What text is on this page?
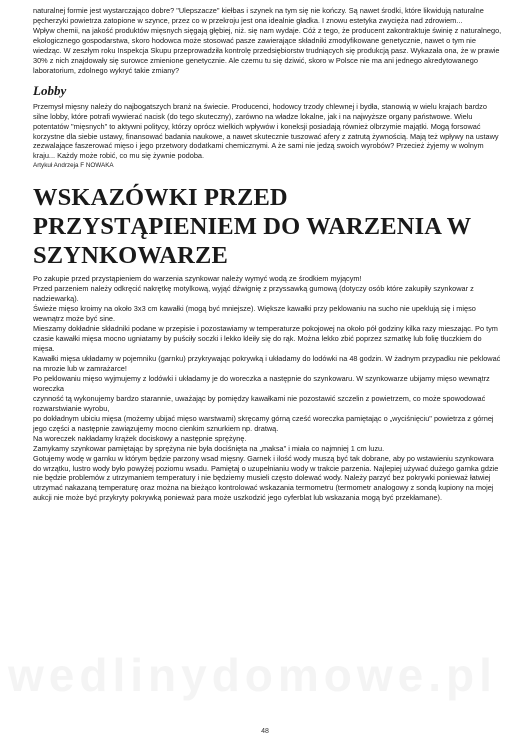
naturalnej formie jest wystarczająco dobre? "Ulepszacze" kiełbas i szynek na tym się nie kończy. Są nawet środki, które likwidują naturalne pęcherzyki powietrza zatopione w szynce, przez co w przekroju jest ona idealnie gładka. I znowu estetyka zwycięża nad zdrowiem...

Wpływ chemii, na jakość produktów mięsnych sięgają głębiej, niż. się nam wydaje. Cóż z tego, że producent zakontraktuje świnię z naturalnego, ekologicznego gospodarstwa, skoro hodowca może stosować pasze zawierające składniki zmodyfikowane genetycznie, nawet o tym nie wiedząc. W zeszłym roku Inspekcja Skupu przeprowadziła kontrolę przedsiębiorstw trudniących się produkcją pasz. Wykazała ona, że w prawie 30% z nich znajdowały się surowce zmienione genetycznie. Ale czemu tu się dziwić, skoro w Polsce nie ma ani jednego akredytowanego laboratorium, zdolnego wykryć takie zmiany?

Lobby

Przemysł mięsny należy do najbogatszych branż na świecie. Producenci, hodowcy trzody chlewnej i bydła, stanowią w wielu krajach bardzo silne lobby, które potrafi wywierać nacisk (do tego skuteczny), zarówno na władze lokalne, jak i na najwyższe organy państwowe. Wielu potentatów "mięsnych" to aktywni politycy, którzy oprócz wielkich wpływów i koneksji posiadają również olbrzymie majątki. Mogą forsować korzystne dla siebie ustawy, finansować badania naukowe, a nawet skutecznie tuszować afery z zatrutą żywnością. Mają też wpływy na ustawy zezwalające faszerować mięso i jego przetwory dodatkami chemicznymi. A że sami nie jedzą swoich wyrobów? Przecież żyjemy w wolnym kraju... Każdy może robić, co mu się żywnie podoba.

Artykuł Andrzeja F NOWAKA

WSKAZÓWKI PRZED PRZYSTĄPIENIEM DO WARZENIA W SZYNKOWARZE

Po zakupie przed przystąpieniem do warzenia szynkowar należy wymyć wodą ze środkiem myjącym!

Przed parzeniem należy odkręcić nakrętkę motylkową, wyjąć dźwignię z przyssawką gumową (dotyczy osób które zakupiły szynkowar z nadziewarką).

Świeże mięso kroimy na około 3x3 cm kawałki (mogą być mniejsze). Większe kawałki przy peklowaniu na sucho nie upeklują się i mięso wewnątrz może być sine.

Mieszamy dokładnie składniki podane w przepisie i pozostawiamy w temperaturze pokojowej na około pół godziny kilka razy mieszając. Po tym czasie kawałki mięsa mocno ugniatamy by puściły soczki i lekko kleiły się do rąk. Można lekko zbić poprzez szmatkę lub folię tłuczkiem do mięsa.

Kawałki mięsa układamy w pojemniku (garnku) przykrywając pokrywką i układamy do lodówki na 48 godzin. W żadnym przypadku nie peklować na mrozie lub w zamrażarce!

Po peklowaniu mięso wyjmujemy z lodówki i układamy je do woreczka a następnie do szynkowaru. W szynkowarze ubijamy mięso wewnątrz woreczka

czynność tą wykonujemy bardzo starannie, uważając by pomiędzy kawałkami nie pozostawić szczelin z powietrzem, co może spowodować rozwarstwianie wyrobu,

po dokładnym ubiciu mięsa (możemy ubijać mięso warstwami) skręcamy górną cześć woreczka pamiętając o „wyciśnięciu" powietrza z górnej jego części a następnie zawiązujemy mocno cienkim sznurkiem np. dratwą.

Na woreczek nakładamy krążek dociskowy a następnie sprężynę.

Zamykamy szynkowar pamiętając by sprężyna nie była dociśnięta na „maksa" i miała co najmniej 1 cm luzu.

Gotujemy wodę w garnku w którym będzie parzony wsad mięsny. Garnek i ilość wody muszą być tak dobrane, aby po wstawieniu szynkowara do wrzątku, lustro wody było powyżej poziomu wsadu. Pamiętaj o uzupełnianiu wody w trakcie parzenia. Najlepiej używać dużego garnka gdzie nie będzie problemów z utrzymaniem temperatury i nie będziemy musieli często dolewać wody. Należy parzyć bez pokrywki ponieważ łatwiej utrzymać nakazaną temperaturę oraz można na bieżąco kontrolować wskazania termometru (termometr analogowy z sondą kupiony na mojej aukcji nie może być przykryty pokrywką ponieważ para może uszkodzić jego cyferblat lub wskazania mogą być przekłamane).

wedlinydomowe.pl
48
